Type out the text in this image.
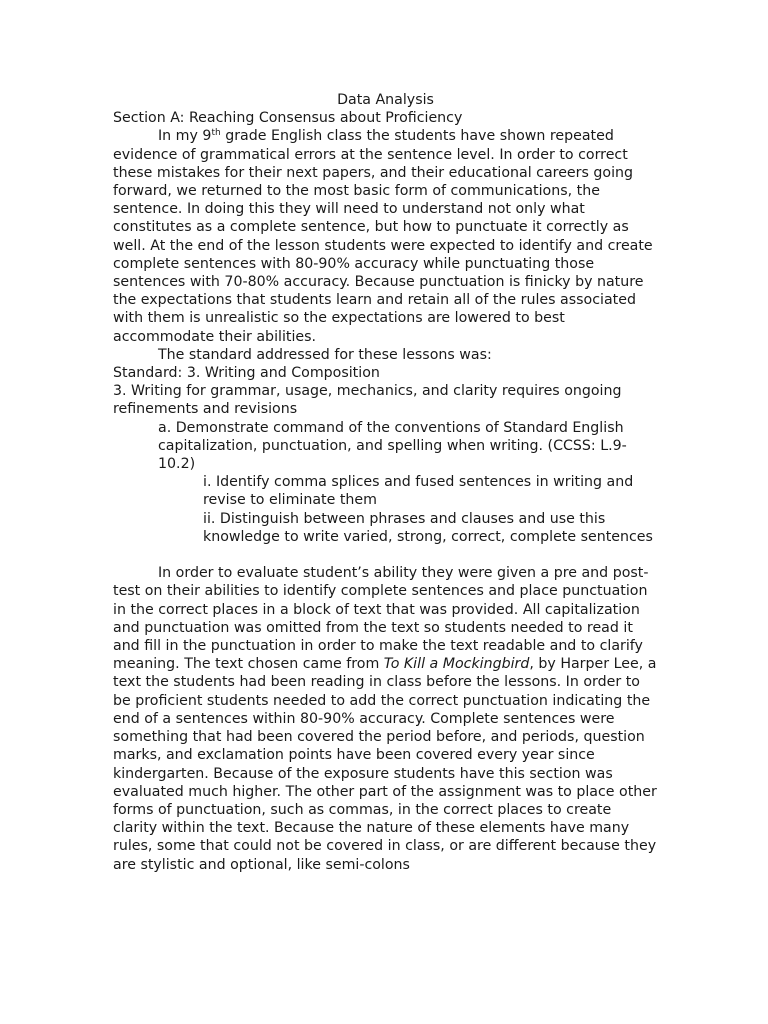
Data Analysis

Section A: Reaching Consensus about Proficiency

In my 9th grade English class the students have shown repeated evidence of grammatical errors at the sentence level. In order to correct these mistakes for their next papers, and their educational careers going forward, we returned to the most basic form of communications, the sentence. In doing this they will need to understand not only what constitutes as a complete sentence, but how to punctuate it correctly as well. At the end of the lesson students were expected to identify and create complete sentences with 80-90% accuracy while punctuating those sentences with 70-80% accuracy. Because punctuation is finicky by nature the expectations that students learn and retain all of the rules associated with them is unrealistic so the expectations are lowered to best accommodate their abilities.

The standard addressed for these lessons was:

Standard: 3. Writing and Composition

3. Writing for grammar, usage, mechanics, and clarity requires ongoing refinements and revisions

a. Demonstrate command of the conventions of Standard English capitalization, punctuation, and spelling when writing. (CCSS: L.9-10.2)

i. Identify comma splices and fused sentences in writing and revise to eliminate them

ii. Distinguish between phrases and clauses and use this knowledge to write varied, strong, correct, complete sentences

In order to evaluate student’s ability they were given a pre and post-test on their abilities to identify complete sentences and place punctuation in the correct places in a block of text that was provided. All capitalization and punctuation was omitted from the text so students needed to read it and fill in the punctuation in order to make the text readable and to clarify meaning. The text chosen came from To Kill a Mockingbird, by Harper Lee, a text the students had been reading in class before the lessons. In order to be proficient students needed to add the correct punctuation indicating the end of a sentences within 80-90% accuracy. Complete sentences were something that had been covered the period before, and periods, question marks, and exclamation points have been covered every year since kindergarten. Because of the exposure students have this section was evaluated much higher. The other part of the assignment was to place other forms of punctuation, such as commas, in the correct places to create clarity within the text. Because the nature of these elements have many rules, some that could not be covered in class, or are different because they are stylistic and optional, like semi-colons
